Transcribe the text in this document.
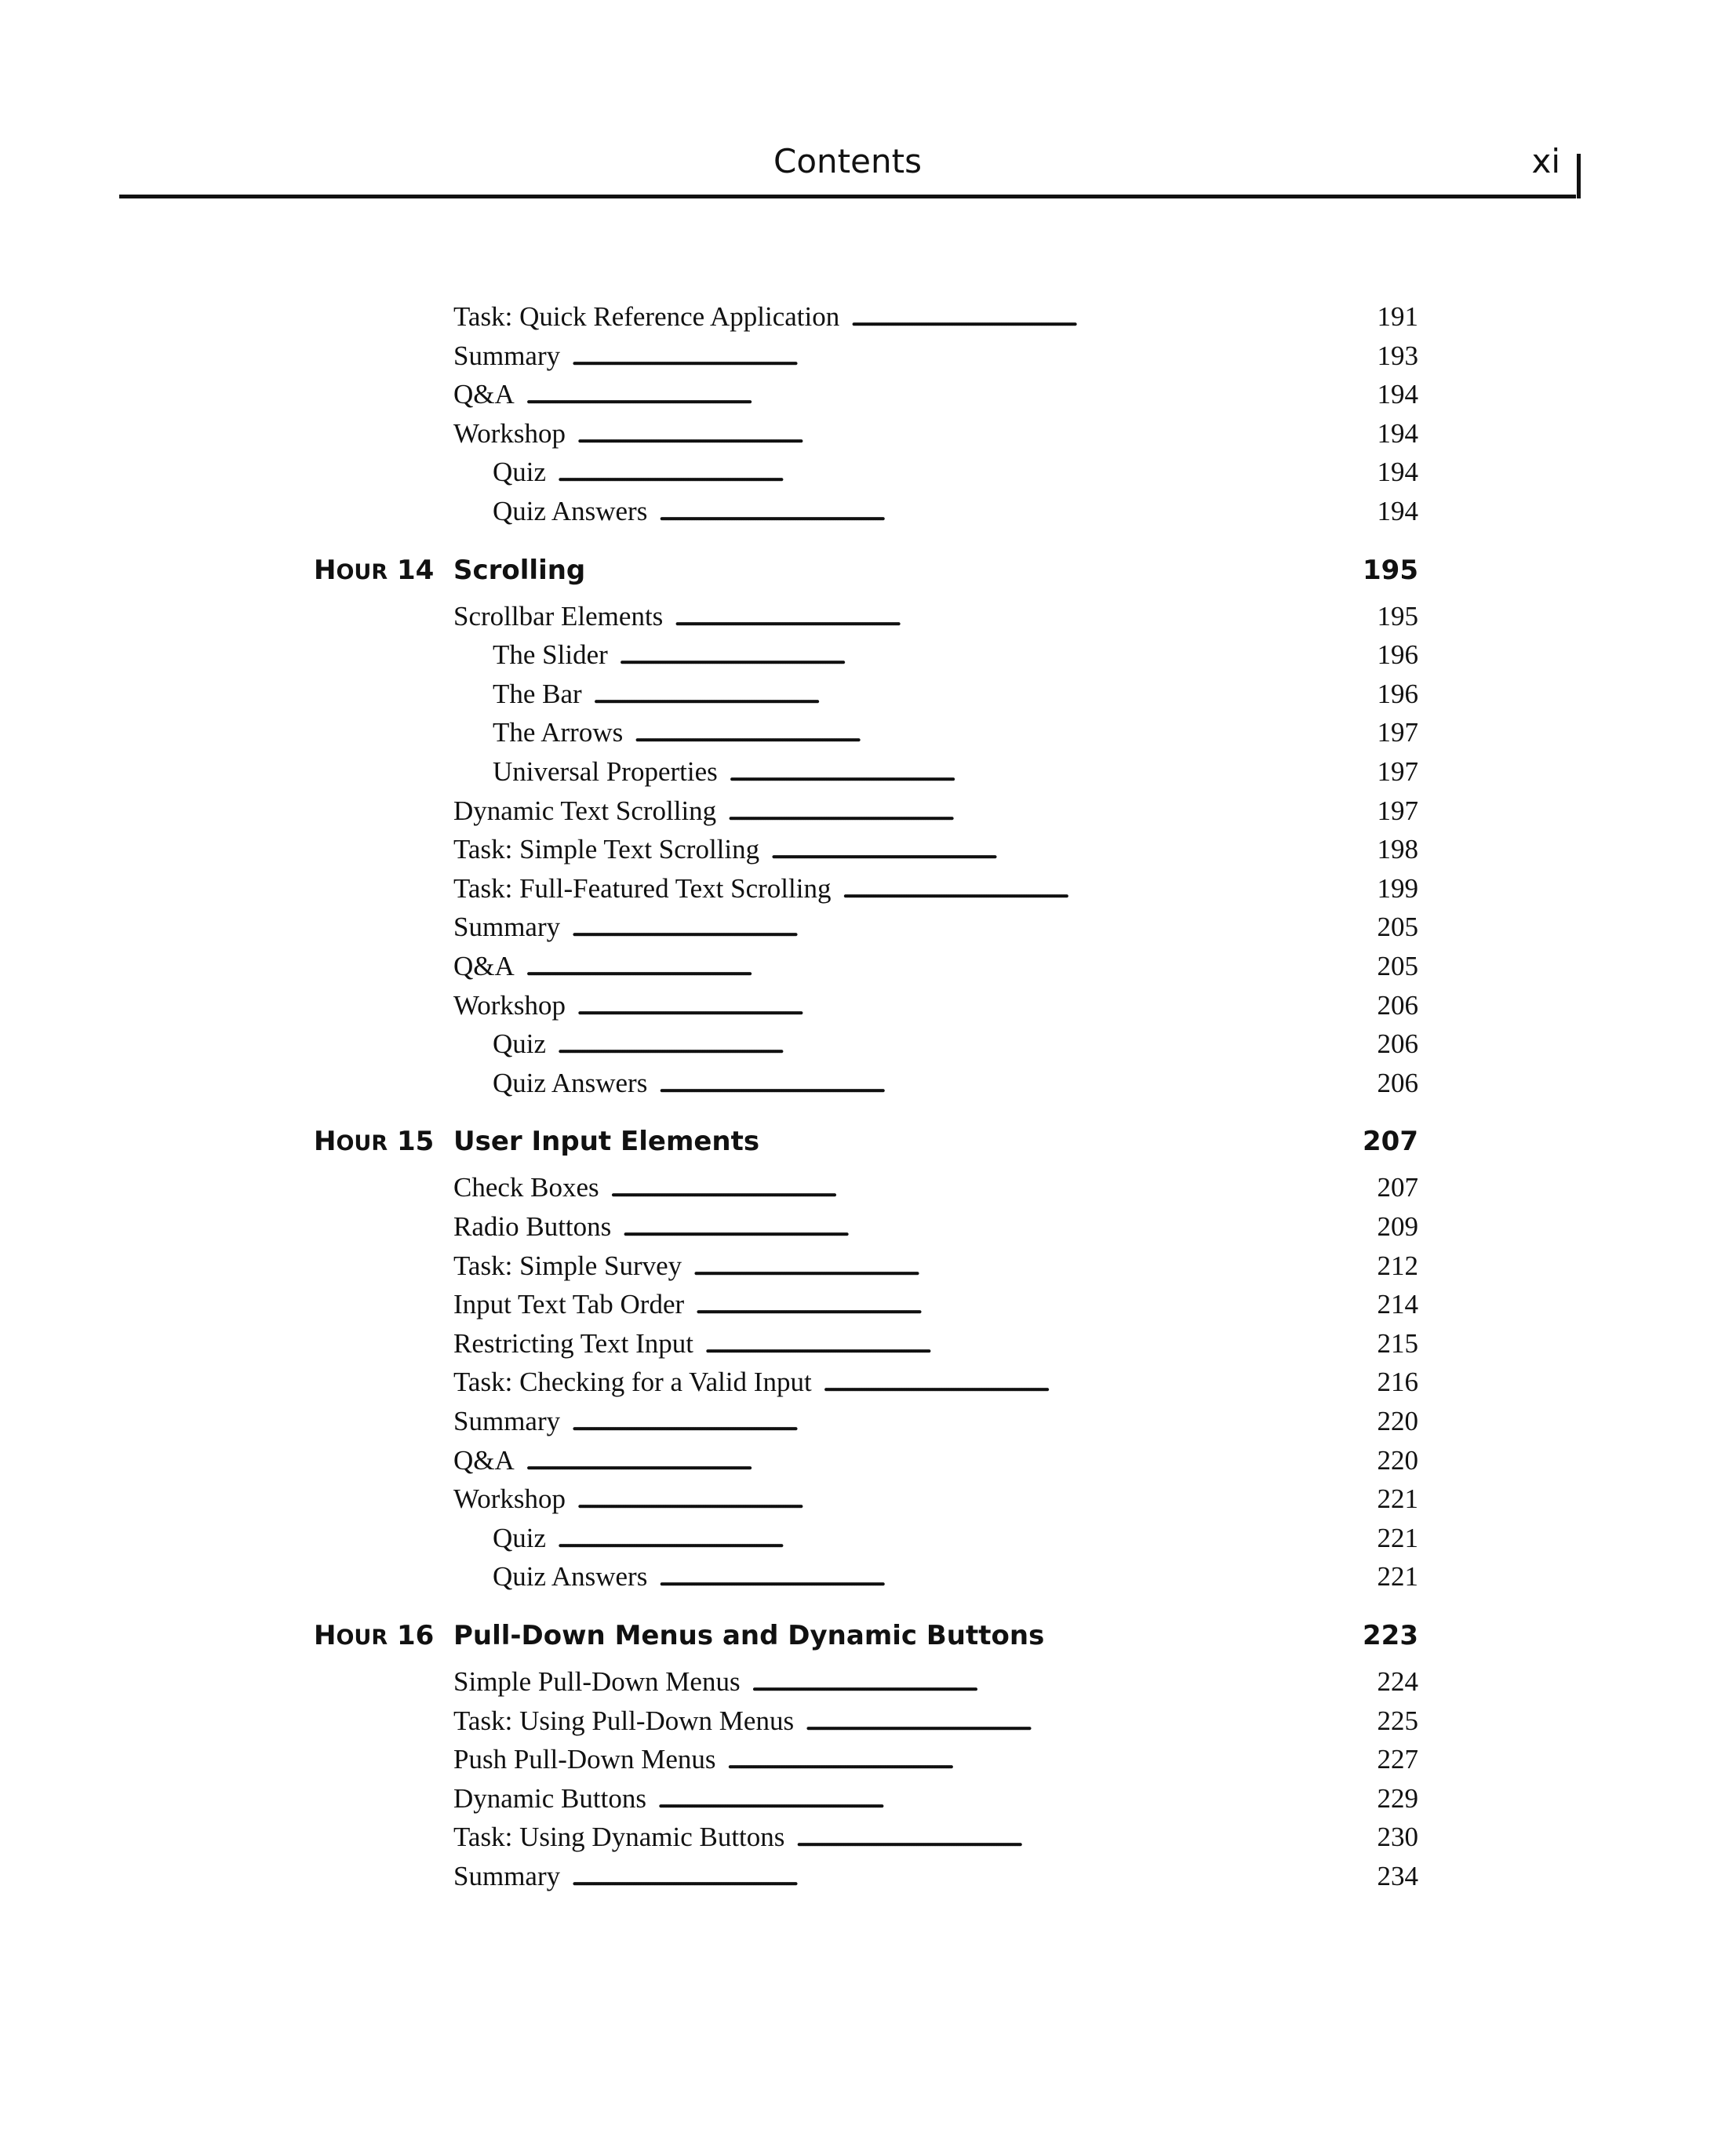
Contents	xi
Task: Quick Reference Application . . .	191
Summary . . .	193
Q&A . . .	194
Workshop . . .	194
Quiz . . .	194
Quiz Answers . . .	194
HOUR 14 Scrolling	195
Scrollbar Elements . . .	195
The Slider . . .	196
The Bar . . .	196
The Arrows . . .	197
Universal Properties . . .	197
Dynamic Text Scrolling . . .	197
Task: Simple Text Scrolling . . .	198
Task: Full-Featured Text Scrolling . . .	199
Summary . . .	205
Q&A . . .	205
Workshop . . .	206
Quiz . . .	206
Quiz Answers . . .	206
HOUR 15 User Input Elements	207
Check Boxes . . .	207
Radio Buttons . . .	209
Task: Simple Survey . . .	212
Input Text Tab Order . . .	214
Restricting Text Input . . .	215
Task: Checking for a Valid Input . . .	216
Summary . . .	220
Q&A . . .	220
Workshop . . .	221
Quiz . . .	221
Quiz Answers . . .	221
HOUR 16 Pull-Down Menus and Dynamic Buttons	223
Simple Pull-Down Menus . . .	224
Task: Using Pull-Down Menus . . .	225
Push Pull-Down Menus . . .	227
Dynamic Buttons . . .	229
Task: Using Dynamic Buttons . . .	230
Summary . . .	234
